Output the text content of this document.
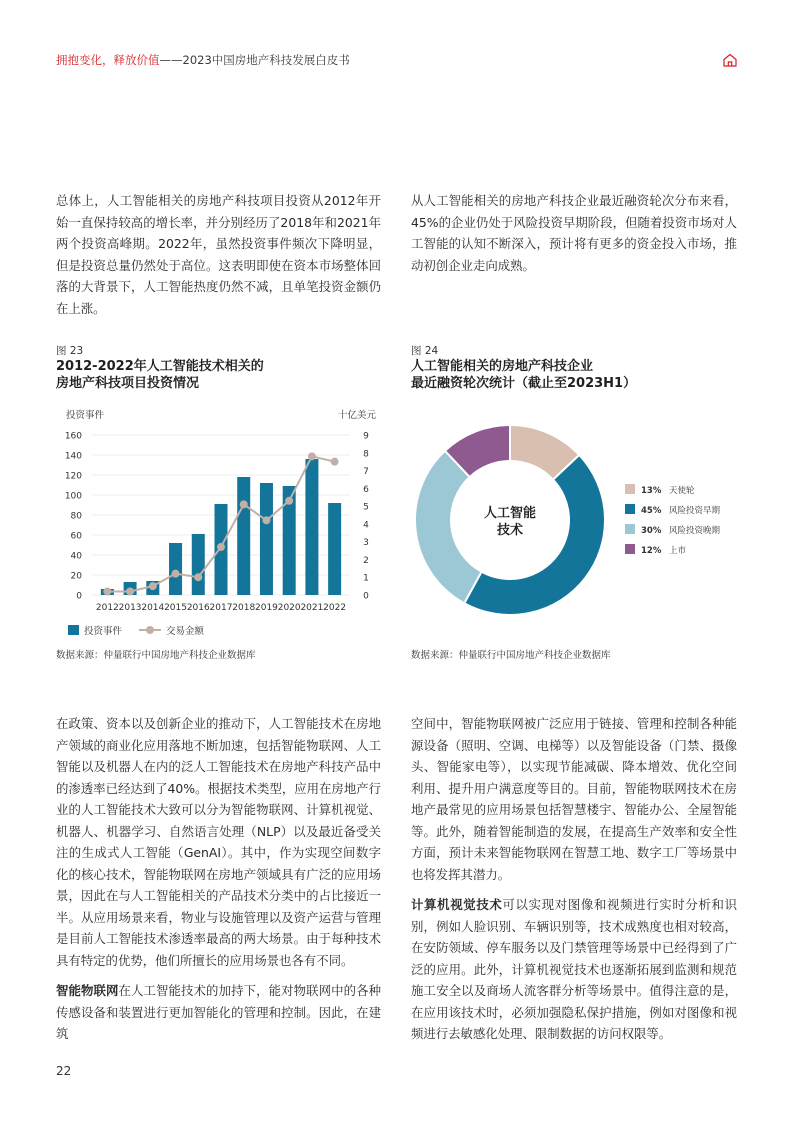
拥抱变化，释放价值——2023中国房地产科技发展白皮书

总体上，人工智能相关的房地产科技项目投资从2012年开始一直保持较高的增长率，并分别经历了2018年和2021年两个投资高峰期。2022年，虽然投资事件频次下降明显，但是投资总量仍然处于高位。这表明即使在资本市场整体回落的大背景下，人工智能热度仍然不减，且单笔投资金额仍在上涨。

从人工智能相关的房地产科技企业最近融资轮次分布来看，45%的企业仍处于风险投资早期阶段，但随着投资市场对人工智能的认知不断深入，预计将有更多的资金投入市场，推动初创企业走向成熟。

图 23
2012-2022年人工智能技术相关的
房地产科技项目投资情况
投资事件	十亿美元
0
20
40
60
80
100
120
140
160
0
1
2
3
4
5
6
7
8
9
2012 2013 2014 2015 2016 2017 2018 2019 2020 2021 2022
投资事件	交易金额
数据来源：仲量联行中国房地产科技企业数据库
图 24
人工智能相关的房地产科技企业
最近融资轮次统计（截止至2023H1）
人工智能
技术
13% 天使轮
45% 风险投资早期
30% 风险投资晚期
12% 上市
数据来源：仲量联行中国房地产科技企业数据库

在政策、资本以及创新企业的推动下，人工智能技术在房地产领域的商业化应用落地不断加速，包括智能物联网、人工智能以及机器人在内的泛人工智能技术在房地产科技产品中的渗透率已经达到了40%。根据技术类型，应用在房地产行业的人工智能技术大致可以分为智能物联网、计算机视觉、机器人、机器学习、自然语言处理（NLP）以及最近备受关注的生成式人工智能（GenAI）。其中，作为实现空间数字化的核心技术，智能物联网在房地产领域具有广泛的应用场景，因此在与人工智能相关的产品技术分类中的占比接近一半。从应用场景来看，物业与设施管理以及资产运营与管理是目前人工智能技术渗透率最高的两大场景。由于每种技术具有特定的优势，他们所擅长的应用场景也各有不同。

智能物联网在人工智能技术的加持下，能对物联网中的各种传感设备和装置进行更加智能化的管理和控制。因此，在建筑

空间中，智能物联网被广泛应用于链接、管理和控制各种能源设备（照明、空调、电梯等）以及智能设备（门禁、摄像头、智能家电等），以实现节能减碳、降本增效、优化空间利用、提升用户满意度等目的。目前，智能物联网技术在房地产最常见的应用场景包括智慧楼宇、智能办公、全屋智能等。此外，随着智能制造的发展，在提高生产效率和安全性方面，预计未来智能物联网在智慧工地、数字工厂等场景中也将发挥其潜力。

计算机视觉技术可以实现对图像和视频进行实时分析和识别，例如人脸识别、车辆识别等，技术成熟度也相对较高，在安防领域、停车服务以及门禁管理等场景中已经得到了广泛的应用。此外，计算机视觉技术也逐渐拓展到监测和规范施工安全以及商场人流客群分析等场景中。值得注意的是，在应用该技术时，必须加强隐私保护措施，例如对图像和视频进行去敏感化处理、限制数据的访问权限等。

22
